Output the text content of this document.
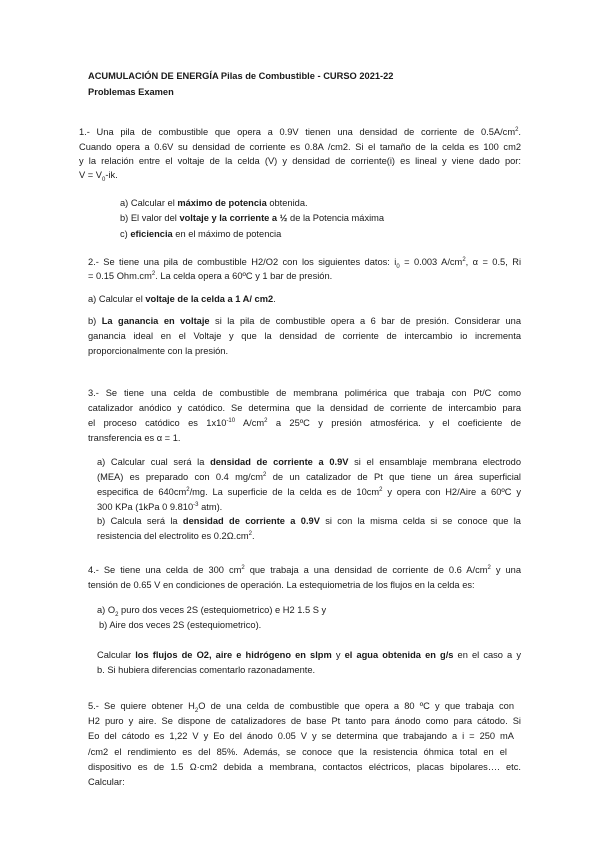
ACUMULACIÓN DE ENERGÍA Pilas de Combustible - CURSO 2021-22
Problemas Examen
1.- Una pila de combustible que opera a 0.9V tienen una densidad de corriente de $0.5A/cm^2$.
Cuando opera a 0.6V su densidad de corriente es 0.8A /cm2. Si el tamaño de la celda es 100 cm2
y la relación entre el voltaje de la celda (V) y densidad de corriente(i) es lineal y viene dado por:
$V = V_0-ik$.
a) Calcular el máximo de potencia obtenida.
b) El valor del voltaje y la corriente a ½ de la Potencia máxima
c) eficiencia en el máximo de potencia
2.- Se tiene una pila de combustible H2/O2 con los siguientes datos: $i_0 = 0.003$ $A/cm^2$, α = 0.5, Ri
= 0.15 $Ohm.cm^2$. La celda opera a 60ºC y 1 bar de presión.
a) Calcular el voltaje de la celda a 1 A/ cm2.
b) La ganancia en voltaje si la pila de combustible opera a 6 bar de presión. Considerar una
ganancia ideal en el Voltaje y que la densidad de corriente de intercambio io incrementa
proporcionalmente con la presión.
3.- Se tiene una celda de combustible de membrana polimérica que trabaja con Pt/C como
catalizador anódico y catódico. Se determina que la densidad de corriente de intercambio para
el proceso catódico es $1x10^{-10}$ $A/cm^2$ a 25ºC y presión atmosférica. y el coeficiente de
transferencia es α = 1.
a) Calcular cual será la densidad de corriente a 0.9V si el ensamblaje membrana electrodo
(MEA) es preparado con 0.4 $mg/cm^2$ de un catalizador de Pt que tiene un área superficial
especifica de $640cm^2/mg$. La superficie de la celda es de $10cm^2$ y opera con H2/Aire a 60ºC y
300 KPa (1kPa 0 $9.810^{-3}$ atm).
b) Calcula será la densidad de corriente a 0.9V si con la misma celda si se conoce que la
resistencia del electrolito es $0.2\Omega.cm^2$.
4.- Se tiene una celda de 300 $cm^2$ que trabaja a una densidad de corriente de 0.6 $A/cm^2$ y una
tensión de 0.65 V en condiciones de operación. La estequiometria de los flujos en la celda es:
a) $O_2$ puro dos veces 2S (estequiometrico) e H2 1.5 S y
b) Aire dos veces 2S (estequiometrico).
Calcular los flujos de O2, aire e hidrógeno en slpm y el agua obtenida en g/s en el caso a y
b. Si hubiera diferencias comentarlo razonadamente.
5.- Se quiere obtener $H_2O$ de una celda de combustible que opera a 80 ºC y que trabaja con
H2 puro y aire. Se dispone de catalizadores de base Pt tanto para ánodo como para cátodo. Si
Eo del cátodo es 1,22 V y Eo del ánodo 0.05 V y se determina que trabajando a i = 250 mA
/cm2 el rendimiento es del 85%. Además, se conoce que la resistencia óhmica total en el
dispositivo es de 1.5 Ω·cm2 debida a membrana, contactos eléctricos, placas bipolares…. etc.
Calcular:
